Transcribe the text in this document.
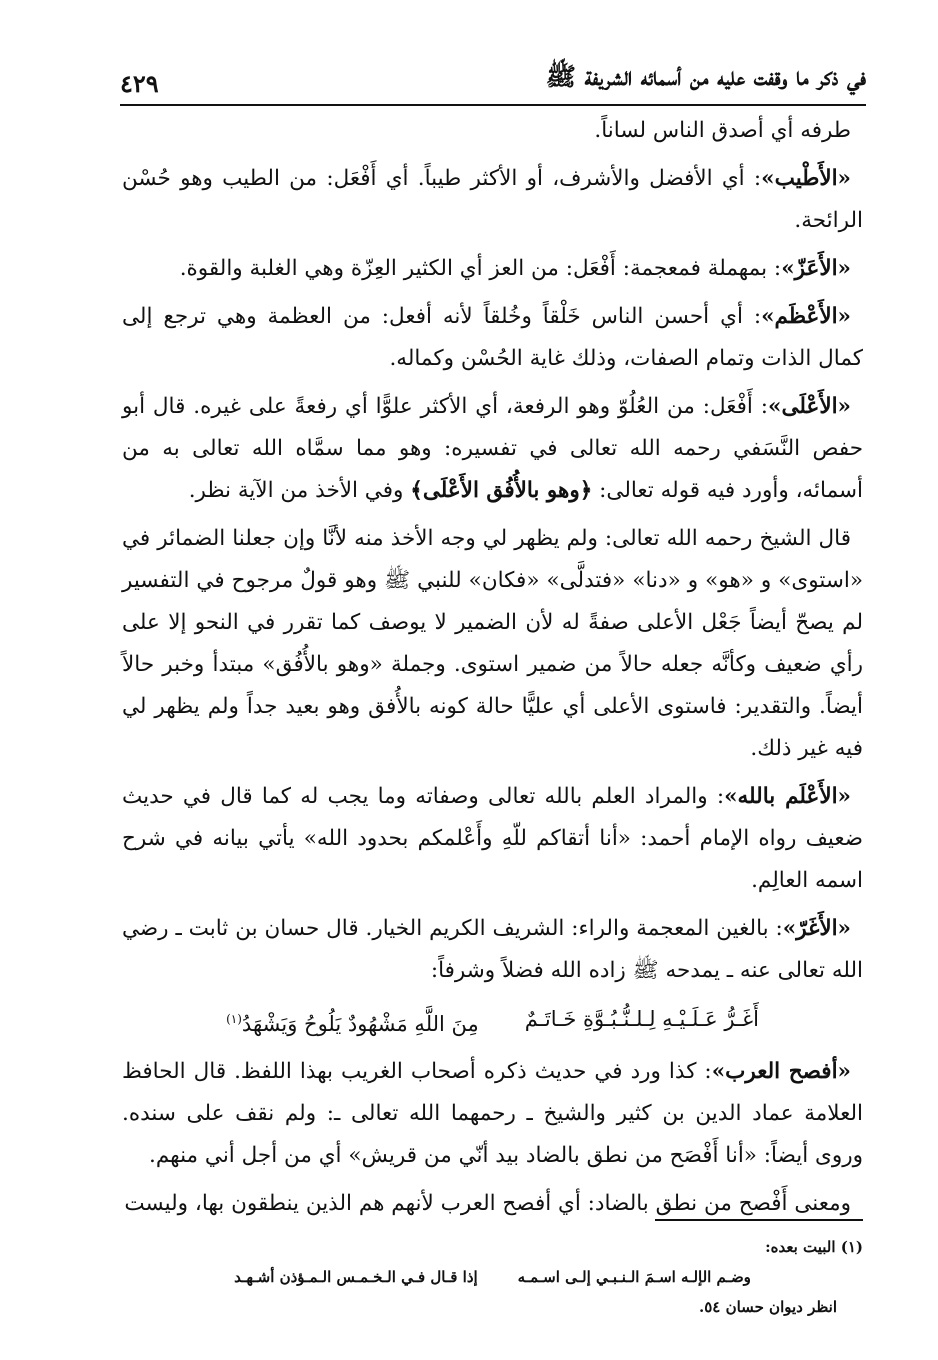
في ذكر ما وقفت عليه من أسمائه الشريفة ﷺ
٤٢٩

طرفه أي أصدق الناس لساناً.

«الأَطْيب»: أي الأفضل والأشرف، أو الأكثر طيباً. أي أَفْعَل: من الطيب وهو حُسْن الرائحة.

«الأَعَزّ»: بمهملة فمعجمة: أَفْعَل: من العز أي الكثير العِزّة وهي الغلبة والقوة.

«الأَعْظَم»: أي أحسن الناس خَلْقاً وخُلقاً لأنه أفعل: من العظمة وهي ترجع إلى كمال الذات وتمام الصفات، وذلك غاية الحُسْن وكماله.

«الأَعْلَى»: أَفْعَل: من العُلُوّ وهو الرفعة، أي الأكثر علوًّا أي رفعةً على غيره. قال أبو حفص النَّسَفي رحمه الله تعالى في تفسيره: وهو مما سمَّاه الله تعالى به من أسمائه، وأورد فيه قوله تعالى: ﴿وهو بالأُفُق الأَعْلَى﴾ وفي الأخذ من الآية نظر.

قال الشيخ رحمه الله تعالى: ولم يظهر لي وجه الأخذ منه لأنَّا وإن جعلنا الضمائر في «استوى» و «هو» و «دنا» «فتدلَّى» «فكان» للنبي ﷺ وهو قولٌ مرجوح في التفسير لم يصحّ أيضاً جَعْل الأعلى صفةً له لأن الضمير لا يوصف كما تقرر في النحو إلا على رأي ضعيف وكأنَّه جعله حالاً من ضمير استوى. وجملة «وهو بالأُفُق» مبتدأ وخبر حالاً أيضاً. والتقدير: فاستوى الأعلى أي عليًّا حالة كونه بالأُفق وهو بعيد جداً ولم يظهر لي فيه غير ذلك.

«الأَعْلَم بالله»: والمراد العلم بالله تعالى وصفاته وما يجب له كما قال في حديث ضعيف رواه الإمام أحمد: «أنا أتقاكم للّهِ وأَعْلمكم بحدود الله» يأتي بيانه في شرح اسمه العالِم.

«الأَغَرّ»: بالغين المعجمة والراء: الشريف الكريم الخيار. قال حسان بن ثابت ـ رضي الله تعالى عنه ـ يمدحه ﷺ زاده الله فضلاً وشرفاً:

أَغَـرُّ عَـلَـيْـهِ لِـلـنُّـبُـوَّةِ خَـاتَـمٌ
مِنَ اللَّهِ مَشْهُودٌ يَلُوحُ وَيَشْهَدُ$^{(١)}$

«أفصح العرب»: كذا ورد في حديث ذكره أصحاب الغريب بهذا اللفظ. قال الحافظ العلامة عماد الدين بن كثير والشيخ ـ رحمهما الله تعالى ـ: ولم نقف على سنده. وروى أيضاً: «أنا أَفْصَح من نطق بالضاد بيد أنّي من قريش» أي من أجل أني منهم.

ومعنى أَفْصح من نطق بالضاد: أي أفصح العرب لأنهم هم الذين ينطقون بها، وليست

(١) البيت بعده:
وضـم الإلـه اسـمَ الـنـبـي إلـى اسـمـه
إذا قـال فـي الـخـمـس الـمـؤذن أشـهـد
انظر ديوان حسان ٥٤.
